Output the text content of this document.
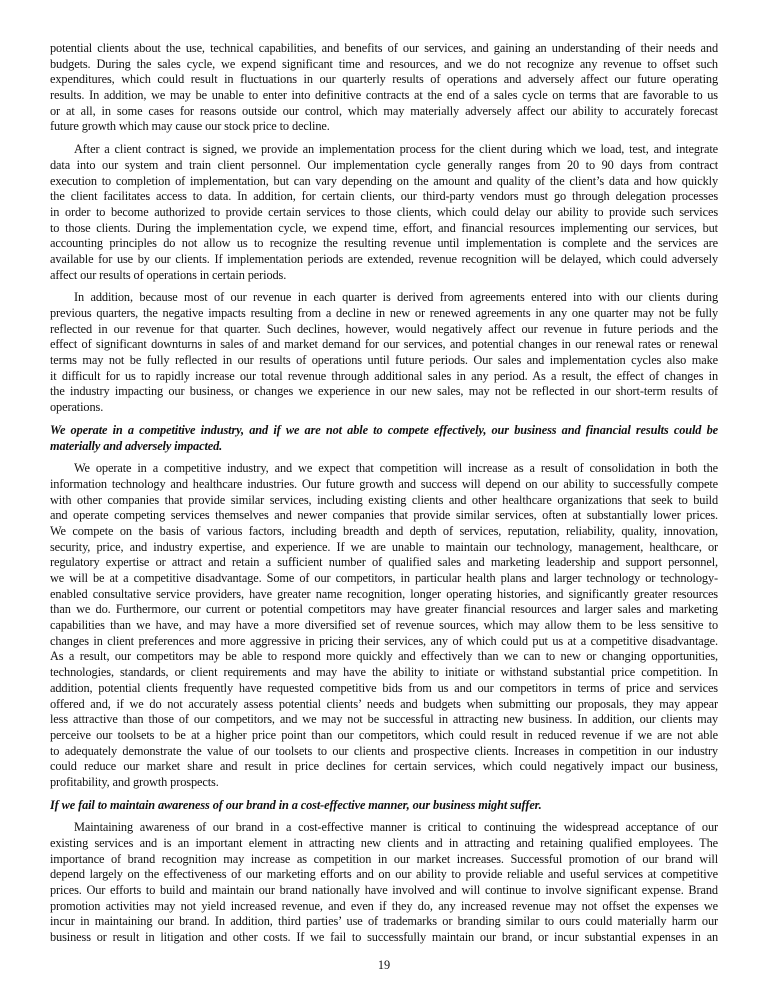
potential clients about the use, technical capabilities, and benefits of our services, and gaining an understanding of their needs and
budgets. During the sales cycle, we expend significant time and resources, and we do not recognize any revenue to offset such
expenditures, which could result in fluctuations in our quarterly results of operations and adversely affect our future operating
results. In addition, we may be unable to enter into definitive contracts at the end of a sales cycle on terms that are favorable to us
or at all, in some cases for reasons outside our control, which may materially adversely affect our ability to accurately forecast
future growth which may cause our stock price to decline.
After a client contract is signed, we provide an implementation process for the client during which we load, test, and integrate
data into our system and train client personnel. Our implementation cycle generally ranges from 20 to 90 days from contract
execution to completion of implementation, but can vary depending on the amount and quality of the client’s data and how quickly
the client facilitates access to data. In addition, for certain clients, our third-party vendors must go through delegation processes
in order to become authorized to provide certain services to those clients, which could delay our ability to provide such services
to those clients. During the implementation cycle, we expend time, effort, and financial resources implementing our services, but
accounting principles do not allow us to recognize the resulting revenue until implementation is complete and the services are
available for use by our clients. If implementation periods are extended, revenue recognition will be delayed, which could adversely
affect our results of operations in certain periods.
In addition, because most of our revenue in each quarter is derived from agreements entered into with our clients during
previous quarters, the negative impacts resulting from a decline in new or renewed agreements in any one quarter may not be fully
reflected in our revenue for that quarter. Such declines, however, would negatively affect our revenue in future periods and the
effect of significant downturns in sales of and market demand for our services, and potential changes in our renewal rates or renewal
terms may not be fully reflected in our results of operations until future periods. Our sales and implementation cycles also make
it difficult for us to rapidly increase our total revenue through additional sales in any period. As a result, the effect of changes in
the industry impacting our business, or changes we experience in our new sales, may not be reflected in our short-term results of
operations.
We operate in a competitive industry, and if we are not able to compete effectively, our business and financial results could be
materially and adversely impacted.
We operate in a competitive industry, and we expect that competition will increase as a result of consolidation in both the
information technology and healthcare industries. Our future growth and success will depend on our ability to successfully compete
with other companies that provide similar services, including existing clients and other healthcare organizations that seek to build
and operate competing services themselves and newer companies that provide similar services, often at substantially lower prices.
We compete on the basis of various factors, including breadth and depth of services, reputation, reliability, quality, innovation,
security, price, and industry expertise, and experience. If we are unable to maintain our technology, management, healthcare, or
regulatory expertise or attract and retain a sufficient number of qualified sales and marketing leadership and support personnel,
we will be at a competitive disadvantage. Some of our competitors, in particular health plans and larger technology or technology-
enabled consultative service providers, have greater name recognition, longer operating histories, and significantly greater resources
than we do. Furthermore, our current or potential competitors may have greater financial resources and larger sales and marketing
capabilities than we have, and may have a more diversified set of revenue sources, which may allow them to be less sensitive to
changes in client preferences and more aggressive in pricing their services, any of which could put us at a competitive disadvantage.
As a result, our competitors may be able to respond more quickly and effectively than we can to new or changing opportunities,
technologies, standards, or client requirements and may have the ability to initiate or withstand substantial price competition. In
addition, potential clients frequently have requested competitive bids from us and our competitors in terms of price and services
offered and, if we do not accurately assess potential clients’ needs and budgets when submitting our proposals, they may appear
less attractive than those of our competitors, and we may not be successful in attracting new business. In addition, our clients may
perceive our toolsets to be at a higher price point than our competitors, which could result in reduced revenue if we are not able
to adequately demonstrate the value of our toolsets to our clients and prospective clients. Increases in competition in our industry
could reduce our market share and result in price declines for certain services, which could negatively impact our business,
profitability, and growth prospects.
If we fail to maintain awareness of our brand in a cost-effective manner, our business might suffer.
Maintaining awareness of our brand in a cost-effective manner is critical to continuing the widespread acceptance of our
existing services and is an important element in attracting new clients and in attracting and retaining qualified employees. The
importance of brand recognition may increase as competition in our market increases. Successful promotion of our brand will
depend largely on the effectiveness of our marketing efforts and on our ability to provide reliable and useful services at competitive
prices. Our efforts to build and maintain our brand nationally have involved and will continue to involve significant expense. Brand
promotion activities may not yield increased revenue, and even if they do, any increased revenue may not offset the expenses we
incur in maintaining our brand. In addition, third parties’ use of trademarks or branding similar to ours could materially harm our
business or result in litigation and other costs. If we fail to successfully maintain our brand, or incur substantial expenses in an
19
